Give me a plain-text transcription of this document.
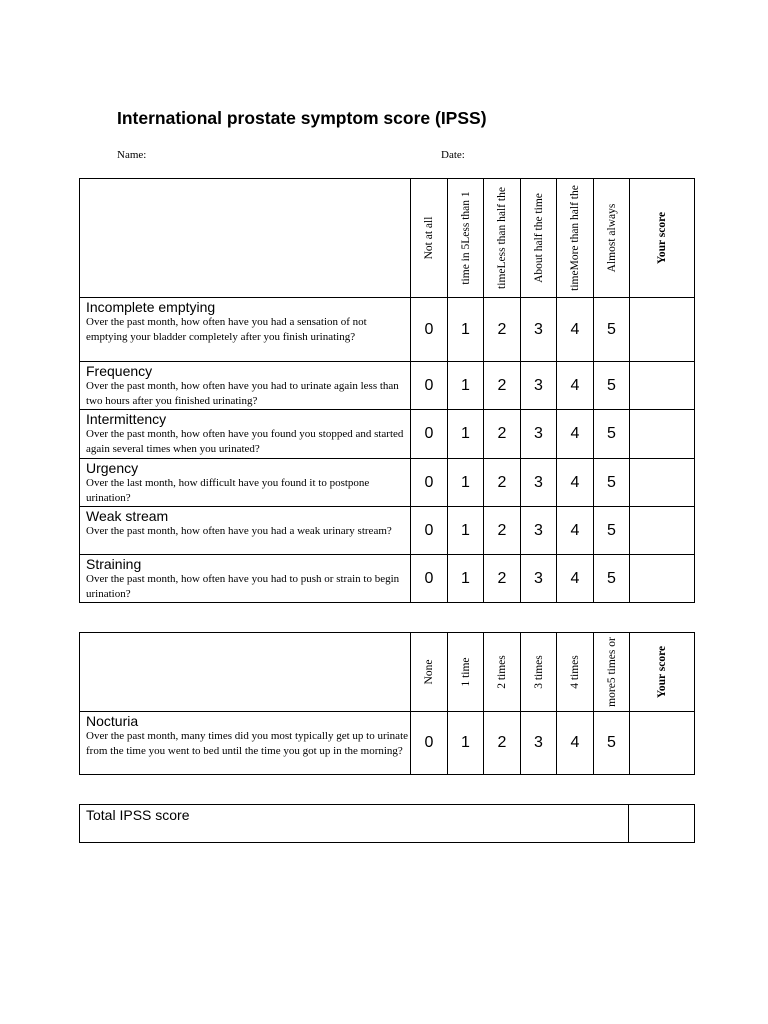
International prostate symptom score (IPSS)
Name:	Date:

	Not at all	time in 5Less than 1	timeLess than half the	About half the time	timeMore than half the	Almost always	Your score

Incomplete emptying
Over the past month, how often have you had a sensation of not emptying your bladder completely after you finish urinating?	0	1	2	3	4	5	

Frequency
Over the past month, how often have you had to urinate again less than two hours after you finished urinating?	0	1	2	3	4	5	

Intermittency
Over the past month, how often have you found you stopped and started again several times when you urinated?	0	1	2	3	4	5	

Urgency
Over the last month, how difficult have you found it to postpone urination?	0	1	2	3	4	5	

Weak stream
Over the past month, how often have you had a weak urinary stream?	0	1	2	3	4	5	

Straining
Over the past month, how often have you had to push or strain to begin urination?	0	1	2	3	4	5	

	None	1 time	2 times	3 times	4 times	more5 times or	Your score

Nocturia
Over the past month, many times did you most typically get up to urinate from the time you went to bed until the time you got up in the morning?	0	1	2	3	4	5	
Total IPSS score	
